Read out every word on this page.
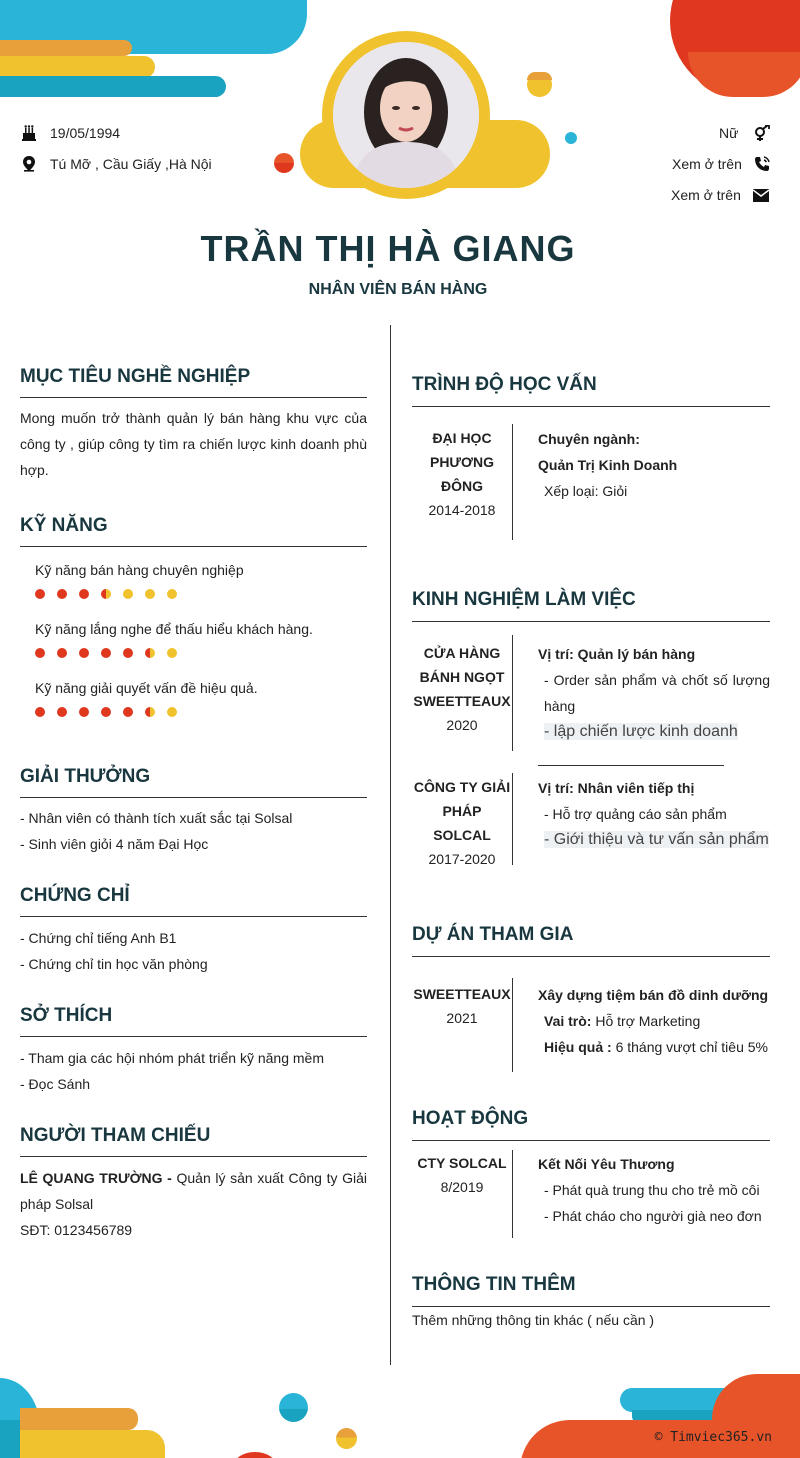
19/05/1994
Tú Mỡ , Cầu Giấy ,Hà Nội
Nữ
Xem ở trên
Xem ở trên
TRẦN THỊ HÀ GIANG
NHÂN VIÊN BÁN HÀNG
MỤC TIÊU NGHỀ NGHIỆP
Mong muốn trở thành quản lý bán hàng khu vực của công ty , giúp công ty tìm ra chiến lược kinh doanh phù hợp.
KỸ NĂNG
Kỹ năng bán hàng chuyên nghiệp
Kỹ năng lắng nghe để thấu hiểu khách hàng.
Kỹ năng giải quyết vấn đề hiệu quả.
GIẢI THƯỞNG
- Nhân viên có thành tích xuất sắc tại Solsal
- Sinh viên giỏi 4 năm Đại Học
CHỨNG CHỈ
- Chứng chỉ tiếng Anh B1
- Chứng chỉ tin học văn phòng
SỞ THÍCH
- Tham gia các hội nhóm phát triển kỹ năng mềm
- Đọc Sánh
NGƯỜI THAM CHIẾU
LÊ QUANG TRƯỜNG - Quản lý sản xuất Công ty Giải pháp Solsal
SĐT: 0123456789
TRÌNH ĐỘ HỌC VẤN
ĐẠI HỌC PHƯƠNG ĐÔNG
2014-2018
Chuyên ngành:
Quản Trị Kinh Doanh
Xếp loại: Giỏi
KINH NGHIỆM LÀM VIỆC
CỬA HÀNG BÁNH NGỌT SWEETTEAUX
2020
Vị trí: Quản lý bán hàng
- Order sản phẩm và chốt số lượng hàng
- lập chiến lược kinh doanh
CÔNG TY GIẢI PHÁP SOLCAL
2017-2020
Vị trí: Nhân viên tiếp thị
- Hỗ trợ quảng cáo sản phẩm
- Giới thiệu và tư vấn sản phẩm
DỰ ÁN THAM GIA
SWEETTEAUX
2021
Xây dựng tiệm bán đồ dinh dưỡng
Vai trò: Hỗ trợ Marketing
Hiệu quả : 6 tháng vượt chỉ tiêu 5%
HOẠT ĐỘNG
CTY SOLCAL
8/2019
Kết Nối Yêu Thương
- Phát quà trung thu cho trẻ mồ côi
- Phát cháo cho người già neo đơn
THÔNG TIN THÊM
Thêm những thông tin khác ( nếu cần )
© Timviec365.vn
